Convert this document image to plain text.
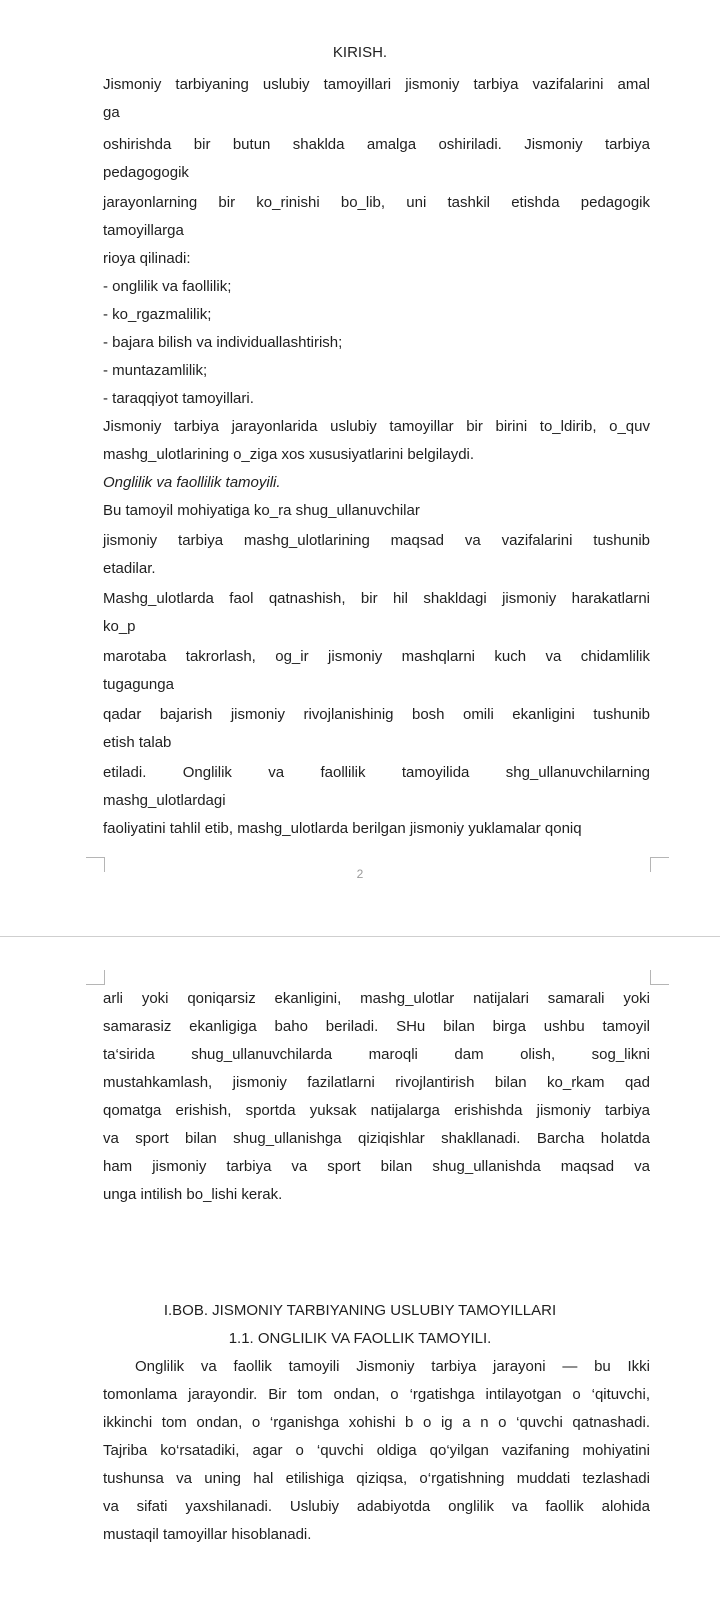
KIRISH.
Jismoniy tarbiyaning uslubiy tamoyillari jismoniy tarbiya vazifalarini amal
ga
oshirishda bir butun shaklda amalga oshiriladi. Jismoniy tarbiya
pedagogogik
jarayonlarning bir ko_rinishi bo_lib, uni tashkil etishda pedagogik
tamoyillarga
rioya qilinadi:
- onglilik va faollilik;
- ko_rgazmalilik;
- bajara bilish va individuallashtirish;
- muntazamlilik;
- taraqqiyot tamoyillari.
Jismoniy tarbiya jarayonlarida uslubiy tamoyillar bir birini to_ldirib, o_quv
mashg_ulotlarining o_ziga xos xususiyatlarini belgilaydi.
Onglilik va faollilik tamoyili.
Bu tamoyil mohiyatiga ko_ra shug_ullanuvchilar
jismoniy tarbiya mashg_ulotlarining maqsad va vazifalarini tushunib
etadilar.
Mashg_ulotlarda faol qatnashish, bir hil shakldagi jismoniy harakatlarni
ko_p
marotaba takrorlash, og_ir jismoniy mashqlarni kuch va chidamlilik
tugagunga
qadar bajarish jismoniy rivojlanishinig bosh omili ekanligini tushunib
etish talab
etiladi. Onglilik va faollilik tamoyilida shg_ullanuvchilarning
mashg_ulotlardagi
faoliyatini tahlil etib, mashg_ulotlarda berilgan jismoniy yuklamalar qoniq
2
arli yoki qoniqarsiz ekanligini, mashg_ulotlar natijalari samarali yoki
samarasiz ekanligiga baho beriladi. SHu bilan birga ushbu tamoyil
ta‘sirida shug_ullanuvchilarda maroqli dam olish, sog_likni
mustahkamlash, jismoniy fazilatlarni rivojlantirish bilan ko_rkam qad
qomatga erishish, sportda yuksak natijalarga erishishda jismoniy tarbiya
va sport bilan shug_ullanishga qiziqishlar shakllanadi. Barcha holatda
ham jismoniy tarbiya va sport bilan shug_ullanishda maqsad va
unga intilish bo_lishi kerak.
I.BOB. JISMONIY TARBIYANING USLUBIY TAMOYILLARI
1.1. ONGLILIK VA FAOLLIK TAMOYILI.
Onglilik va faollik tamoyili Jismoniy tarbiya jarayoni — bu Ikki
tomonlama jarayondir. Bir tom ondan, o ‘rgatishga intilayotgan o ‘qituvchi,
ikkinchi tom ondan, o ‘rganishga xohishi b o ig a n o ‘quvchi qatnashadi.
Tajriba ko‘rsatadiki, agar o ‘quvchi oldiga qo‘yilgan vazifaning mohiyatini
tushunsa va uning hal etilishiga qiziqsa, o‘rgatishning muddati tezlashadi
va sifati yaxshilanadi. Uslubiy adabiyotda onglilik va faollik alohida
mustaqil tamoyillar hisoblanadi.
